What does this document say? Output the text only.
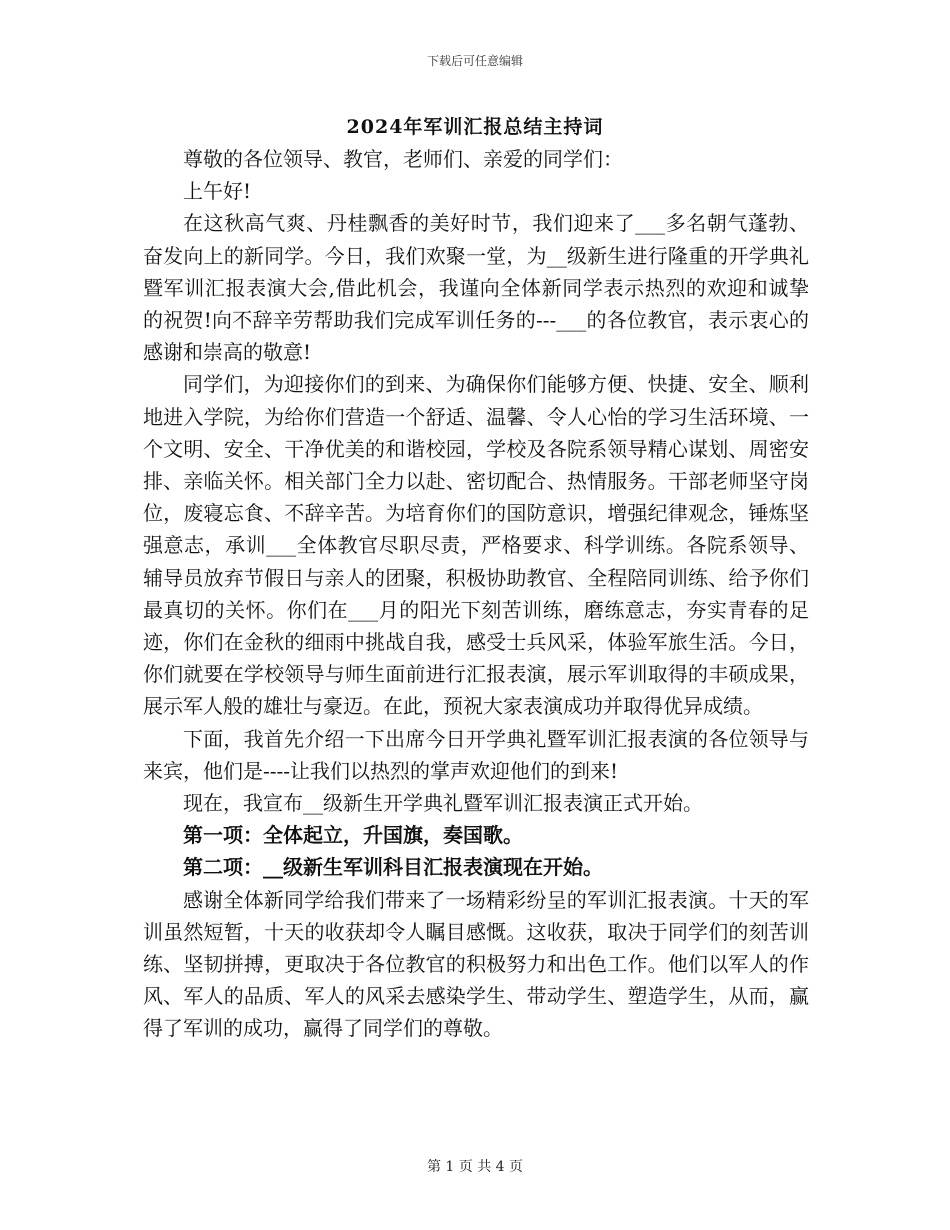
下载后可任意编辑
2024年军训汇报总结主持词

尊敬的各位领导、教官，老师们、亲爱的同学们：

上午好!

在这秋高气爽、丹桂飘香的美好时节，我们迎来了___多名朝气蓬勃、奋发向上的新同学。今日，我们欢聚一堂，为__级新生进行隆重的开学典礼暨军训汇报表演大会,借此机会，我谨向全体新同学表示热烈的欢迎和诚挚的祝贺!向不辞辛劳帮助我们完成军训任务的---___的各位教官，表示衷心的感谢和崇高的敬意!

同学们，为迎接你们的到来、为确保你们能够方便、快捷、安全、顺利地进入学院，为给你们营造一个舒适、温馨、令人心怡的学习生活环境、一个文明、安全、干净优美的和谐校园，学校及各院系领导精心谋划、周密安排、亲临关怀。相关部门全力以赴、密切配合、热情服务。干部老师坚守岗位，废寝忘食、不辞辛苦。为培育你们的国防意识，增强纪律观念，锤炼坚强意志，承训___全体教官尽职尽责，严格要求、科学训练。各院系领导、辅导员放弃节假日与亲人的团聚，积极协助教官、全程陪同训练、给予你们最真切的关怀。你们在___月的阳光下刻苦训练，磨练意志，夯实青春的足迹，你们在金秋的细雨中挑战自我，感受士兵风采，体验军旅生活。今日，你们就要在学校领导与师生面前进行汇报表演，展示军训取得的丰硕成果，展示军人般的雄壮与豪迈。在此，预祝大家表演成功并取得优异成绩。

下面，我首先介绍一下出席今日开学典礼暨军训汇报表演的各位领导与来宾，他们是----让我们以热烈的掌声欢迎他们的到来!

现在，我宣布__级新生开学典礼暨军训汇报表演正式开始。

第一项：全体起立，升国旗，奏国歌。

第二项：__级新生军训科目汇报表演现在开始。

感谢全体新同学给我们带来了一场精彩纷呈的军训汇报表演。十天的军训虽然短暂，十天的收获却令人瞩目感慨。这收获，取决于同学们的刻苦训练、坚韧拼搏，更取决于各位教官的积极努力和出色工作。他们以军人的作风、军人的品质、军人的风采去感染学生、带动学生、塑造学生，从而，赢得了军训的成功，赢得了同学们的尊敬。

第 1 页 共 4 页
